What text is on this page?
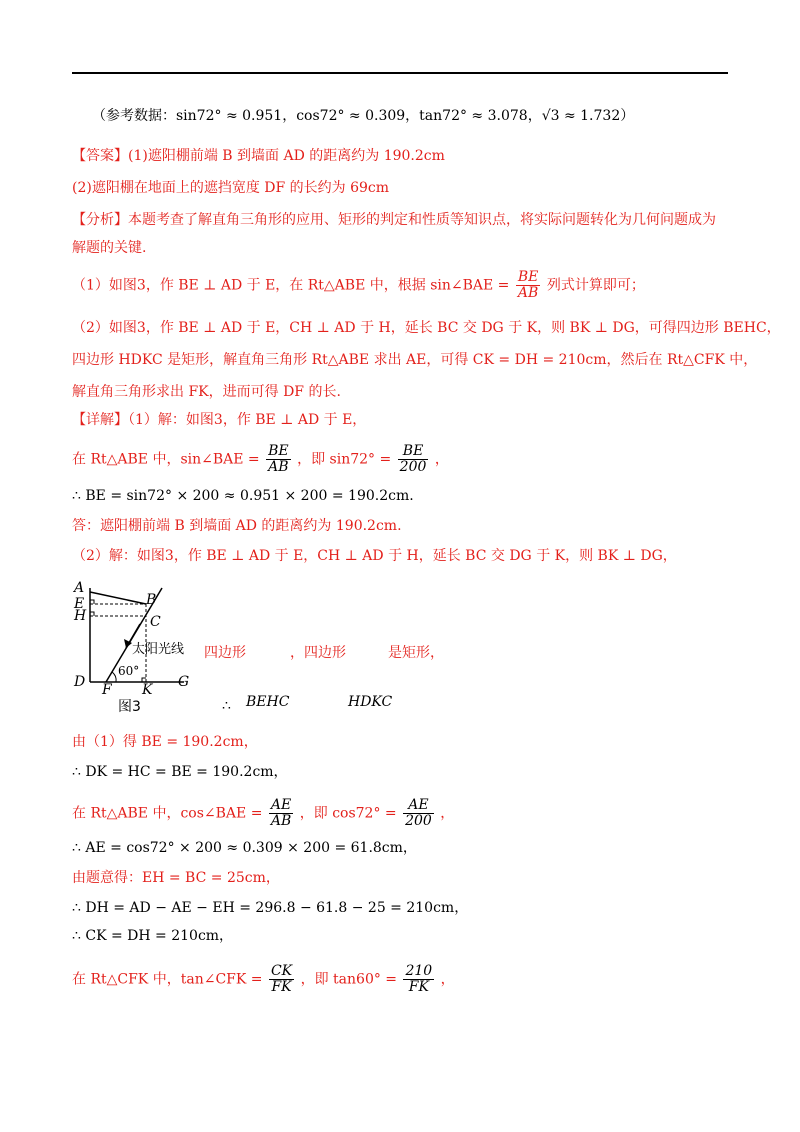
（参考数据：sin72° ≈ 0.951，cos72° ≈ 0.309，tan72° ≈ 3.078，√3 ≈ 1.732）
【答案】(1)遮阳棚前端 B 到墙面 AD 的距离约为 190.2cm
(2)遮阳棚在地面上的遮挡宽度 DF 的长约为 69cm
【分析】本题考查了解直角三角形的应用、矩形的判定和性质等知识点，将实际问题转化为几何问题成为
解题的关键.
（1）如图3，作 BE ⊥ AD 于 E，在 Rt△ABE 中，根据 sin∠BAE = $\frac{BE}{AB}$ 列式计算即可；
（2）如图3，作 BE ⊥ AD 于 E，CH ⊥ AD 于 H，延长 BC 交 DG 于 K，则 BK ⊥ DG，可得四边形 BEHC，
四边形 HDKC 是矩形，解直角三角形 Rt△ABE 求出 AE，可得 CK = DH = 210cm，然后在 Rt△CFK 中，
解直角三角形求出 FK，进而可得 DF 的长.
【详解】（1）解：如图3，作 BE ⊥ AD 于 E，
在 Rt△ABE 中，sin∠BAE = $\frac{BE}{AB}$ ，即 $\sin 72^\circ = \frac{BE}{200}$ ，
∴ BE = sin72° × 200 ≈ 0.951 × 200 = 190.2cm.
答：遮阳棚前端 B 到墙面 AD 的距离约为 190.2cm.
（2）解：如图3，作 BE ⊥ AD 于 E，CH ⊥ AD 于 H，延长 BC 交 DG 于 K，则 BK ⊥ DG，
A
B
E
H	C
太阳光线
60°
D F K G
图3
四边形	，四边形	是矩形，
∴ BEHC	HDKC
由（1）得 BE = 190.2cm，
∴ DK = HC = BE = 190.2cm，
在 Rt△ABE 中，cos∠BAE = $\frac{AE}{AB}$ ，即 $\cos 72^\circ = \frac{AE}{200}$ ，
∴ AE = cos72° × 200 ≈ 0.309 × 200 = 61.8cm，
由题意得：EH = BC = 25cm，
∴ DH = AD − AE − EH = 296.8 − 61.8 − 25 = 210cm，
∴ CK = DH = 210cm，
在 Rt△CFK 中，tan∠CFK = $\frac{CK}{FK}$ ，即 $\tan 60^\circ = \frac{210}{FK}$ ，
